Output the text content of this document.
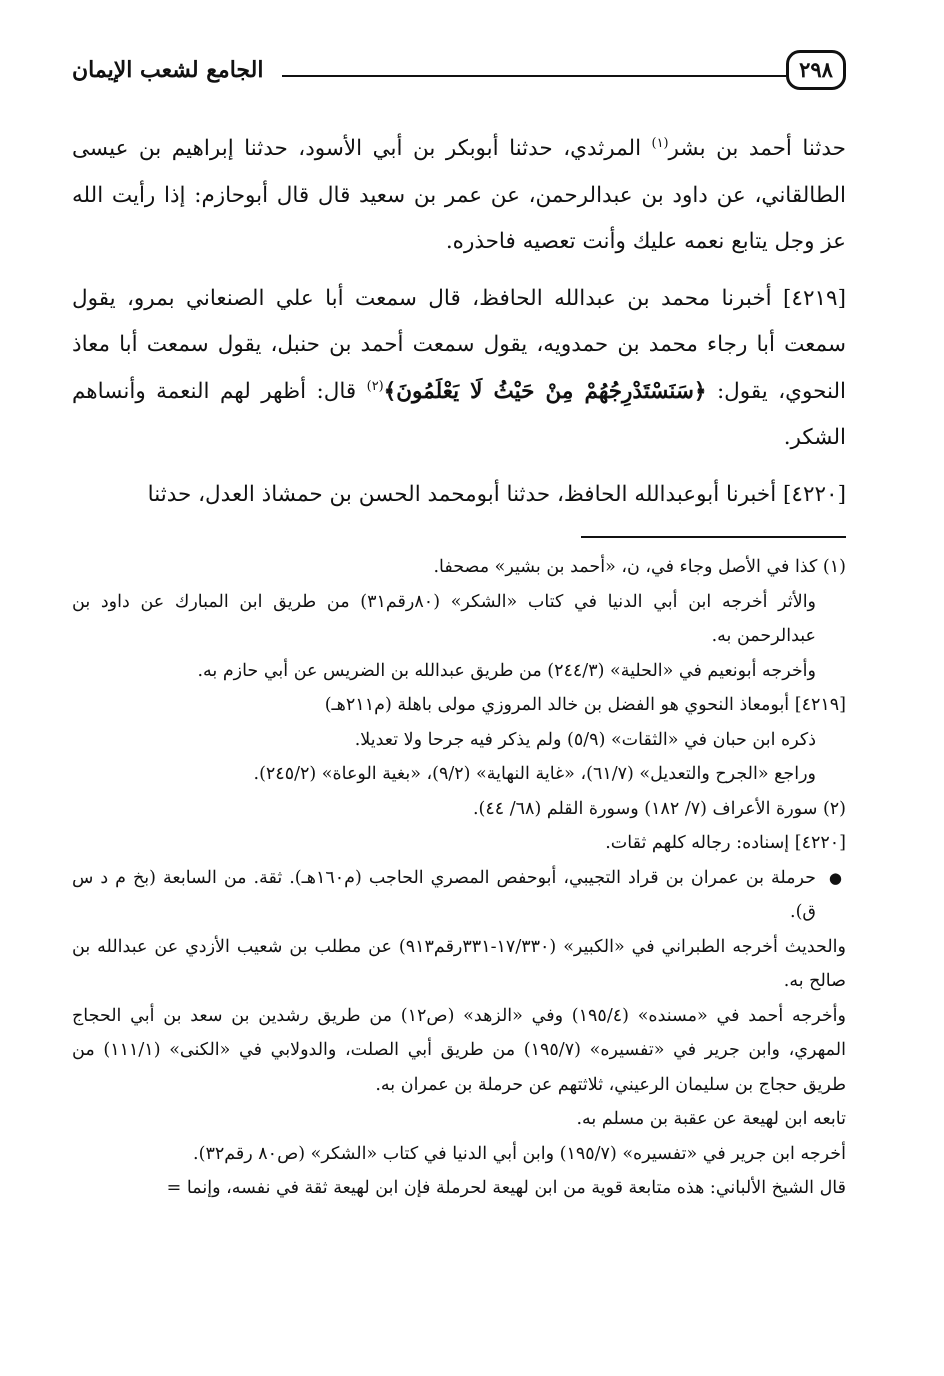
٢٩٨
الجامع لشعب الإيمان

حدثنا أحمد بن بشر$^{(١)}$ المرثدي، حدثنا أبوبكر بن أبي الأسود، حدثنا إبراهيم بن عيسى الطالقاني، عن داود بن عبدالرحمن، عن عمر بن سعيد قال قال أبوحازم: إذا رأيت الله عز وجل يتابع نعمه عليك وأنت تعصيه فاحذره.

[٤٢١٩] أخبرنا محمد بن عبدالله الحافظ، قال سمعت أبا علي الصنعاني بمرو، يقول سمعت أبا رجاء محمد بن حمدويه، يقول سمعت أحمد بن حنبل، يقول سمعت أبا معاذ النحوي، يقول: ﴿سَنَسْتَدْرِجُهُمْ مِنْ حَيْثُ لَا يَعْلَمُونَ﴾$^{(٢)}$ قال: أظهر لهم النعمة وأنساهم الشكر.

[٤٢٢٠] أخبرنا أبوعبدالله الحافظ، حدثنا أبومحمد الحسن بن حمشاذ العدل، حدثنا

(١) كذا في الأصل وجاء في، ن، «أحمد بن بشير» مصحفا.

والأثر أخرجه ابن أبي الدنيا في كتاب «الشكر» (٨٠رقم٣١) من طريق ابن المبارك عن داود بن عبدالرحمن به.

وأخرجه أبونعيم في «الحلية» (٢٤٤/٣) من طريق عبدالله بن الضريس عن أبي حازم به.

[٤٢١٩] أبومعاذ النحوي هو الفضل بن خالد المروزي مولى باهلة (م٢١١هـ)

ذكره ابن حبان في «الثقات» (٥/٩) ولم يذكر فيه جرحا ولا تعديلا.

وراجع «الجرح والتعديل» (٦١/٧)، «غاية النهاية» (٩/٢)، «بغية الوعاة» (٢٤٥/٢).

(٢) سورة الأعراف (٧/ ١٨٢) وسورة القلم (٦٨/ ٤٤).

[٤٢٢٠] إسناده: رجاله كلهم ثقات.

●
حرملة بن عمران بن قراد التجيبي، أبوحفص المصري الحاجب (م١٦٠هـ). ثقة. من السابعة (بخ م د س ق).

والحديث أخرجه الطبراني في «الكبير» (١٧/٣٣٠-٣٣١رقم٩١٣) عن مطلب بن شعيب الأزدي عن عبدالله بن صالح به.

وأخرجه أحمد في «مسنده» (١٩٥/٤) وفي «الزهد» (ص١٢) من طريق رشدين بن سعد بن أبي الحجاج المهري، وابن جرير في «تفسيره» (١٩٥/٧) من طريق أبي الصلت، والدولابي في «الكنى» (١١١/١) من طريق حجاج بن سليمان الرعيني، ثلاثتهم عن حرملة بن عمران به.

تابعه ابن لهيعة عن عقبة بن مسلم به.

أخرجه ابن جرير في «تفسيره» (١٩٥/٧) وابن أبي الدنيا في كتاب «الشكر» (ص٨٠ رقم٣٢).

قال الشيخ الألباني: هذه متابعة قوية من ابن لهيعة لحرملة فإن ابن لهيعة ثقة في نفسه، وإنما =
